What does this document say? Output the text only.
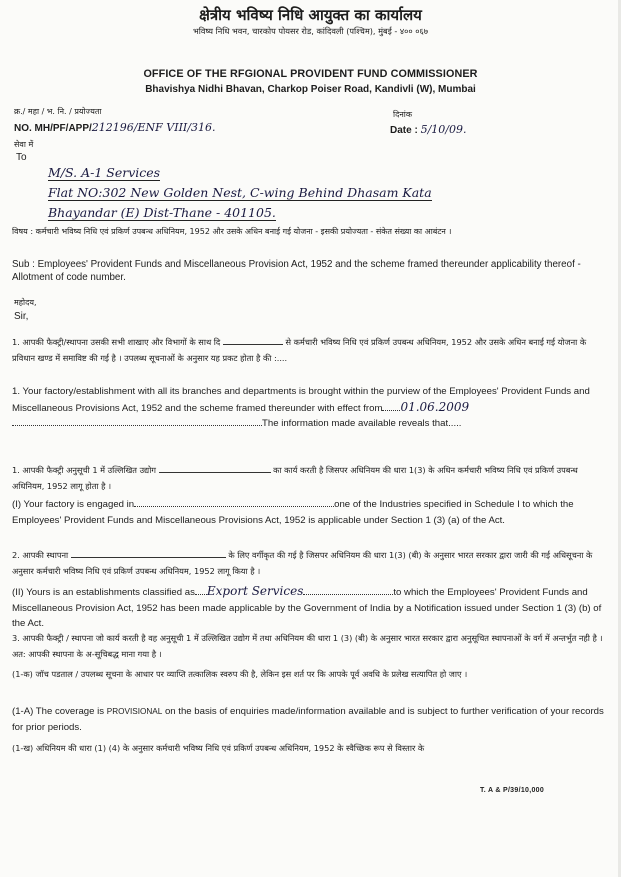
क्षेत्रीय भविष्य निधि आयुक्त का कार्यालय
भविष्य निधि भवन, चारकोप पोयसर रोड, कांदिवली (पश्चिम), मुंबई - ४०० ०६७
OFFICE OF THE RFGIONAL PROVIDENT FUND COMMISSIONER
Bhavishya Nidhi Bhavan, Charkop Poiser Road, Kandivli (W), Mumbai
क्र./ महा / भ. नि. / प्रयोज्यता	दिनांक
NO. MH/PF/APP/212196/ENF VIII/316.	Date : 5/10/09.
सेवा में
To
M/S. A-1 Services
Flat NO:302 New Golden Nest, C-wing Behind Dhasam Kata
Bhayandar (E) Dist-Thane - 401105.
विषय : कर्मचारी भविष्य निधि एवं प्रकिर्ण उपबन्ध अधिनियम, 1952 और उसके अधिन बनाई गई योजना - इसकी प्रयोज्यता - संकेत संख्या का आबंटन ।
Sub : Employees' Provident Funds and Miscellaneous Provision Act, 1952 and the scheme framed thereunder applicability thereof - Allotment of code number.
महोदय,
Sir,
1. आपकी फैक्ट्री/स्थापना उसकी सभी शाखाए और विभागों के साथ दि	से कर्मचारी भविष्य निधि एवं प्रकिर्ण उपबन्ध अधिनियम, 1952 और उसके अधिन बनाई गई योजना के प्रविधान खण्ड में समाविष्ट की गई है । उपलब्ध सूचनाओं के अनुसार यह प्रकट होता है की :....
1. Your factory/establishment with all its branches and departments is brought within the purview of the Employees' Provident Funds and Miscellaneous Provisions Act, 1952 and the scheme framed thereunder with effect from 01.06.2009The information made available reveals that.....
1. आपकी फैक्ट्री अनुसूची 1 में उल्लिखित उद्योग	का कार्य करती है जिसपर अधिनियम की धारा 1(3) के अधिन कर्मचारी भविष्य निधि एवं प्रकिर्ण उपबन्ध अधिनियम, 1952 लागू होता है ।
(I) Your factory is engaged in	one of the Industries specified in Schedule I to which the Employees' Provident Funds and Miscellaneous Provisions Act, 1952 is applicable under Section 1 (3) (a) of the Act.
2. आपकी स्थापना	के लिए वर्गीकृत की गई है जिसपर अधिनियम की धारा 1(3) (बी) के अनुसार भारत सरकार द्वारा जारी की गई अधिसूचना के अनुसार कर्मचारी भविष्य निधि एवं प्रकिर्ण उपबन्ध अधिनियम, 1952 लागू किया है ।
(II) Yours is an establishments classified as Export Services	to which the Employees' Provident Funds and Miscellaneous Provision Act, 1952 has been made applicable by the Government of India by a Notification issued under Section 1 (3) (b) of the Act.
3. आपकी फैक्ट्री / स्थापना जो कार्य करती है वह अनुसूची 1 में उल्लिखित उद्योग में तथा अधिनियम की धारा 1 (3) (बी) के अनुसार भारत सरकार द्वारा अनुसूचित स्थापनाओं के वर्ग में अन्तर्भुत नही है । अत: आपकी स्थापना के अ-सूचिबद्ध माना गया है ।
(1-क) जॉच पडताल / उपलब्ध सूचना के आधार पर व्याप्ति तत्कालिक स्वरुप की है, लेकिन इस शर्त पर कि आपके पूर्व अवधि के प्रलेख सत्यापित हो जाए ।
(1-A) The coverage is PROVISIONAL on the basis of enquiries made/information available and is subject to further verification of your records for prior periods.
(1-ख) अधिनियम की धारा (1) (4) के अनुसार कर्मचारी भविष्य निधि एवं प्रकिर्ण उपबन्ध अधिनियम, 1952 के स्वैच्छिक रूप से विस्तार के
T. A & P/39/10,000
